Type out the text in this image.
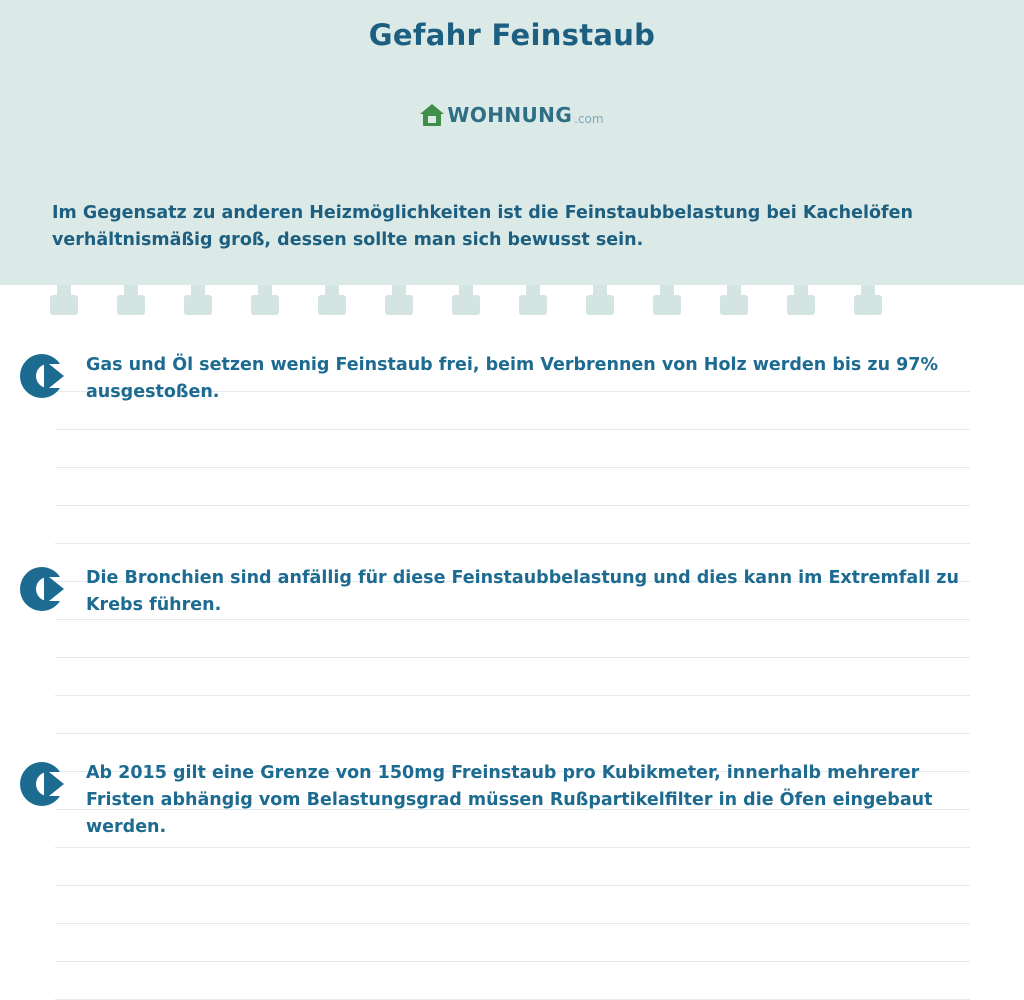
Gefahr Feinstaub
WOHNUNG .com
Im Gegensatz zu anderen Heizmöglichkeiten ist die Feinstaubbelastung bei Kachelöfen verhältnismäßig groß, dessen sollte man sich bewusst sein.
Gas und Öl setzen wenig Feinstaub frei, beim Verbrennen von Holz werden bis zu 97% ausgestoßen.
Die Bronchien sind anfällig für diese Feinstaubbelastung und dies kann im Extremfall zu Krebs führen.
Ab 2015 gilt eine Grenze von 150mg Freinstaub pro Kubikmeter, innerhalb mehrerer Fristen abhängig vom Belastungsgrad müssen Rußpartikelfilter in die Öfen eingebaut werden.
